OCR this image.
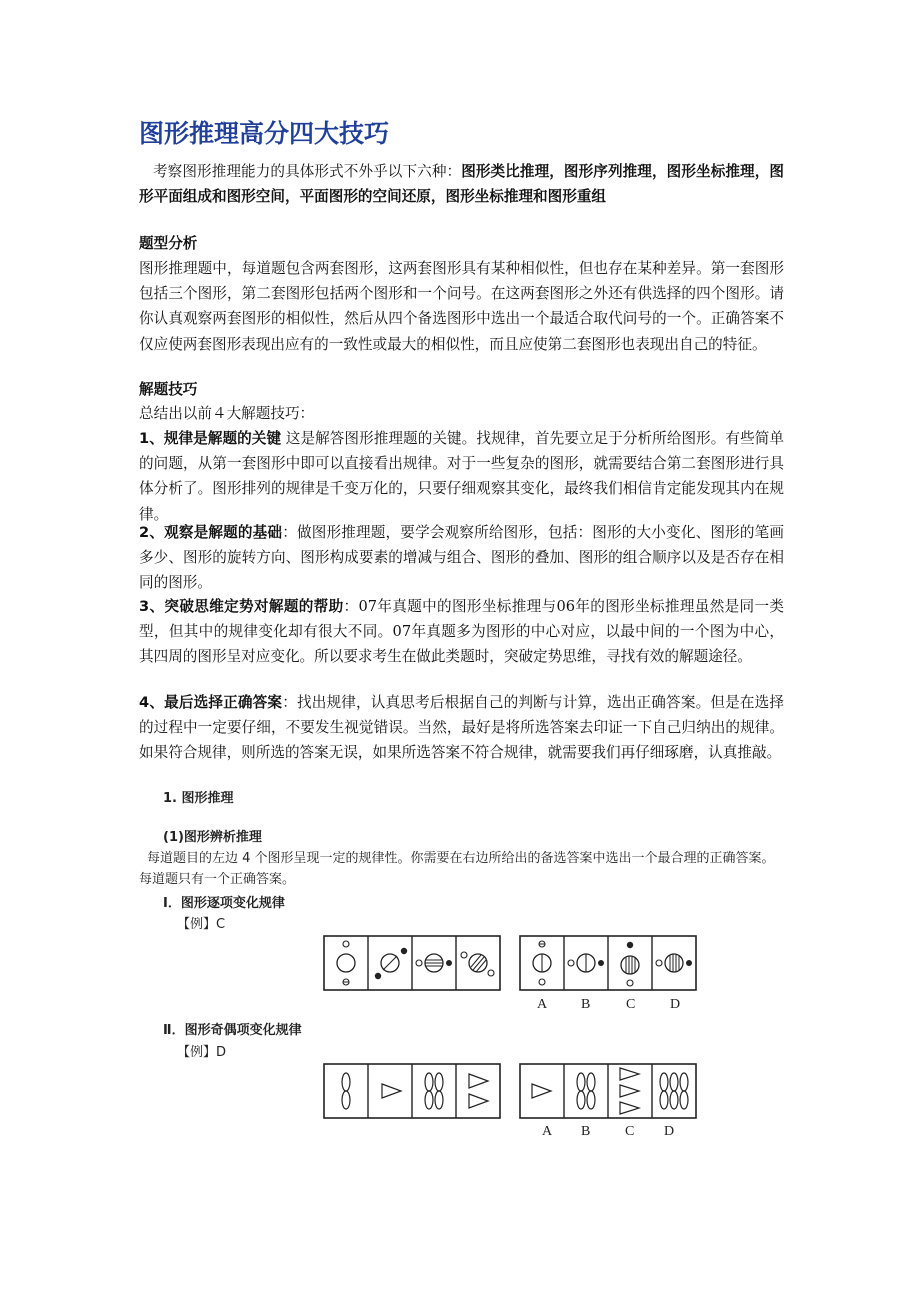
图形推理高分四大技巧
考察图形推理能力的具体形式不外乎以下六种：图形类比推理，图形序列推理，图形坐标推理，图形平面组成和图形空间，平面图形的空间还原，图形坐标推理和图形重组
题型分析
图形推理题中，每道题包含两套图形，这两套图形具有某种相似性，但也存在某种差异。第一套图形包括三个图形，第二套图形包括两个图形和一个问号。在这两套图形之外还有供选择的四个图形。请你认真观察两套图形的相似性，然后从四个备选图形中选出一个最适合取代问号的一个。正确答案不仅应使两套图形表现出应有的一致性或最大的相似性，而且应使第二套图形也表现出自己的特征。
解题技巧
总结出以前４大解题技巧：
1、规律是解题的关键 这是解答图形推理题的关键。找规律，首先要立足于分析所给图形。有些简单的问题，从第一套图形中即可以直接看出规律。对于一些复杂的图形，就需要结合第二套图形进行具体分析了。图形排列的规律是千变万化的，只要仔细观察其变化，最终我们相信肯定能发现其内在规律。
2、观察是解题的基础：做图形推理题，要学会观察所给图形，包括：图形的大小变化、图形的笔画多少、图形的旋转方向、图形构成要素的增减与组合、图形的叠加、图形的组合顺序以及是否存在相同的图形。
3、突破思维定势对解题的帮助：07年真题中的图形坐标推理与06年的图形坐标推理虽然是同一类型，但其中的规律变化却有很大不同。07年真题多为图形的中心对应，以最中间的一个图为中心，其四周的图形呈对应变化。所以要求考生在做此类题时，突破定势思维，寻找有效的解题途径。
4、最后选择正确答案：找出规律，认真思考后根据自己的判断与计算，选出正确答案。但是在选择的过程中一定要仔细，不要发生视觉错误。当然，最好是将所选答案去印证一下自己归纳出的规律。如果符合规律，则所选的答案无误，如果所选答案不符合规律，就需要我们再仔细琢磨，认真推敲。
1. 图形推理
(1)图形辨析推理
每道题目的左边 4 个图形呈现一定的规律性。你需要在右边所给出的备选答案中选出一个最合理的正确答案。
每道题只有一个正确答案。
Ⅰ．图形逐项变化规律
【例】C
A B	C D
Ⅱ．图形奇偶项变化规律
【例】D
A B C D
